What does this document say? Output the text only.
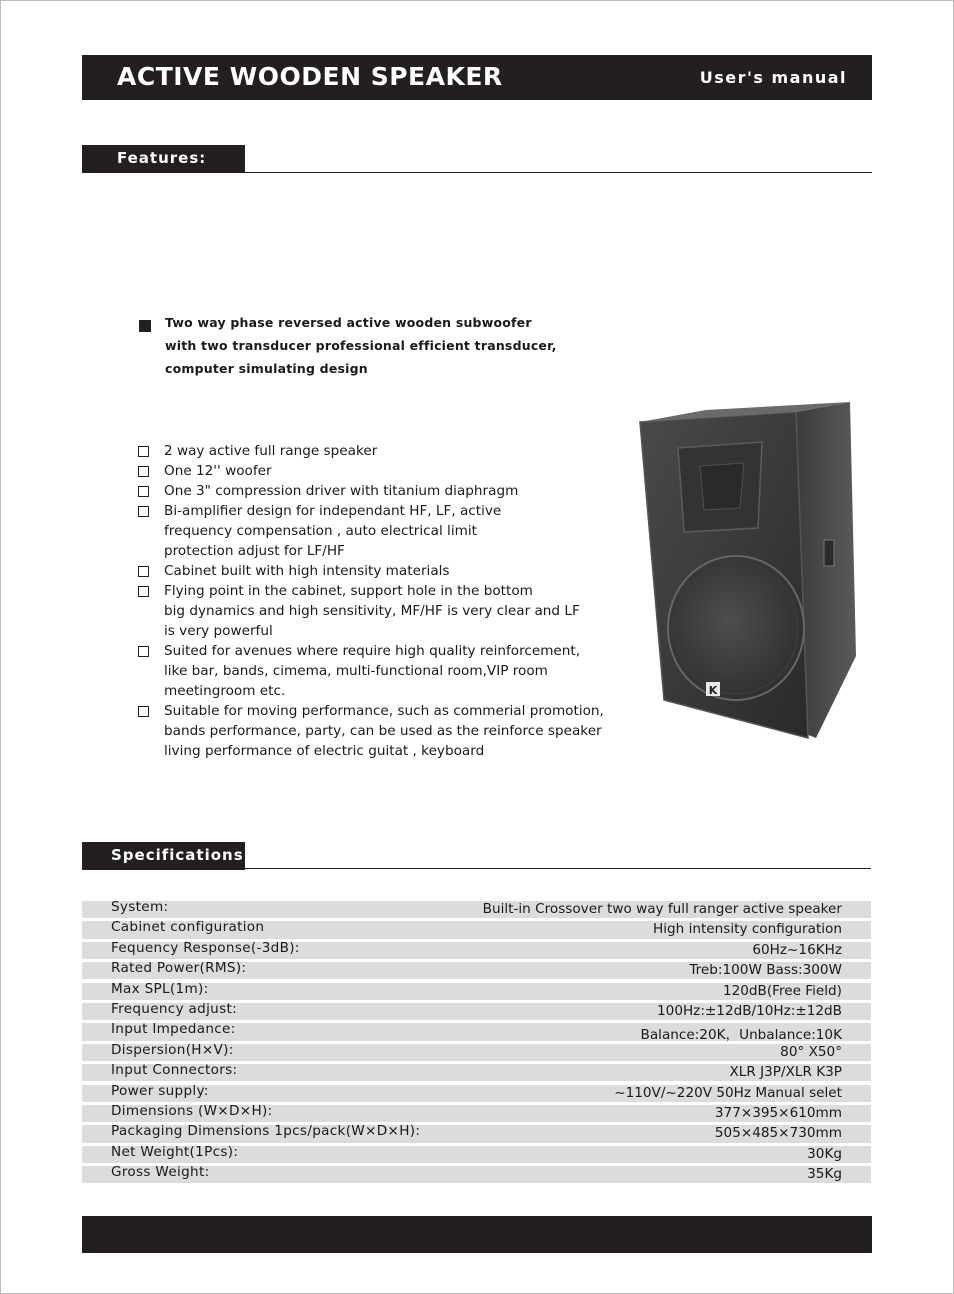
ACTIVE WOODEN SPEAKER	User's manual
Features:
Two way phase reversed active wooden subwoofer
with two transducer professional efficient transducer,
computer simulating design
2 way active full range speaker
One 12'' woofer
One 3" compression driver with titanium diaphragm
Bi-amplifier design for independant HF, LF, active
frequency compensation , auto electrical limit
protection adjust for LF/HF
Cabinet built with high intensity materials
Flying point in the cabinet, support hole in the bottom
big dynamics and high sensitivity, MF/HF is very clear and LF
is very powerful
Suited for avenues where require high quality reinforcement,
like bar, bands, cimema, multi-functional room,VIP room
meetingroom etc.
Suitable for moving performance, such as commerial promotion,
bands performance, party, can be used as the reinforce speaker
living performance of electric guitat , keyboard
K
Specifications:
System:	Built-in Crossover two way full ranger active speaker
Cabinet configuration	High intensity configuration
Fequency Response(-3dB):	60Hz~16KHz
Rated Power(RMS):	Treb:100W Bass:300W
Max SPL(1m):	120dB(Free Field)
Frequency adjust:	100Hz:±12dB/10Hz:±12dB
Input Impedance:	Balance:20K，Unbalance:10K
Dispersion(H×V):	80° X50°
Input Connectors:	XLR J3P/XLR K3P
Power supply:	~110V/~220V 50Hz Manual selet
Dimensions (W×D×H):	377×395×610mm
Packaging Dimensions 1pcs/pack(W×D×H):	505×485×730mm
Net Weight(1Pcs):	30Kg
Gross Weight:	35Kg
